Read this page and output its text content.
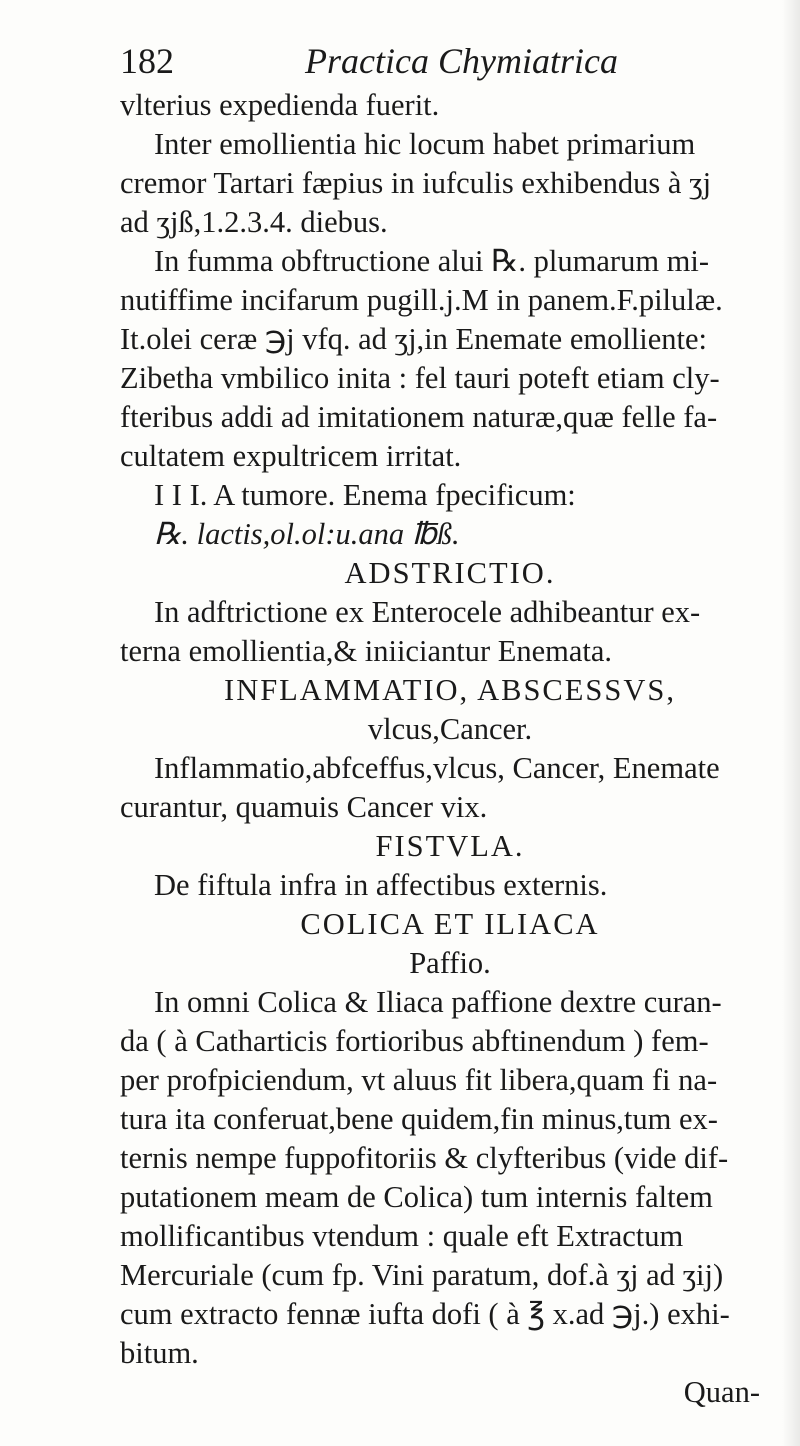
182	Practica Chymiatrica
vlterius expedienda fuerit.
Inter emollientia hic locum habet primarium
cremor Tartari fæpius in iufculis exhibendus à ʒj
ad ʒjß,1.2.3.4. diebus.
In fumma obftructione alui ℞. plumarum mi-
nutiffime incifarum pugill.j.M in panem.F.pilulæ.
It.olei ceræ ℈j vfq. ad ʒj,in Enemate emolliente:
Zibetha vmbilico inita : fel tauri poteft etiam cly-
fteribus addi ad imitationem naturæ,quæ felle fa-
cultatem expultricem irritat.
I I I. A tumore. Enema fpecificum:
℞. lactis,ol.ol:u.ana ℔ß.
ADSTRICTIO.
In adftrictione ex Enterocele adhibeantur ex-
terna emollientia,& iniiciantur Enemata.
INFLAMMATIO, ABSCESSVS,
vlcus,Cancer.
Inflammatio,abfceffus,vlcus, Cancer, Enemate
curantur, quamuis Cancer vix.
FISTVLA.
De fiftula infra in affectibus externis.
COLICA ET ILIACA
Paffio.
In omni Colica & Iliaca paffione dextre curan-
da ( à Catharticis fortioribus abftinendum ) fem-
per profpiciendum, vt aluus fit libera,quam fi na-
tura ita conferuat,bene quidem,fin minus,tum ex-
ternis nempe fuppofitoriis & clyfteribus (vide dif-
putationem meam de Colica) tum internis faltem
mollificantibus vtendum : quale eft Extractum
Mercuriale (cum fp. Vini paratum, dof.à ʒj ad ʒij)
cum extracto fennæ iufta dofi ( à ℥ x.ad ℈j.) exhi-
bitum.
Quan-
